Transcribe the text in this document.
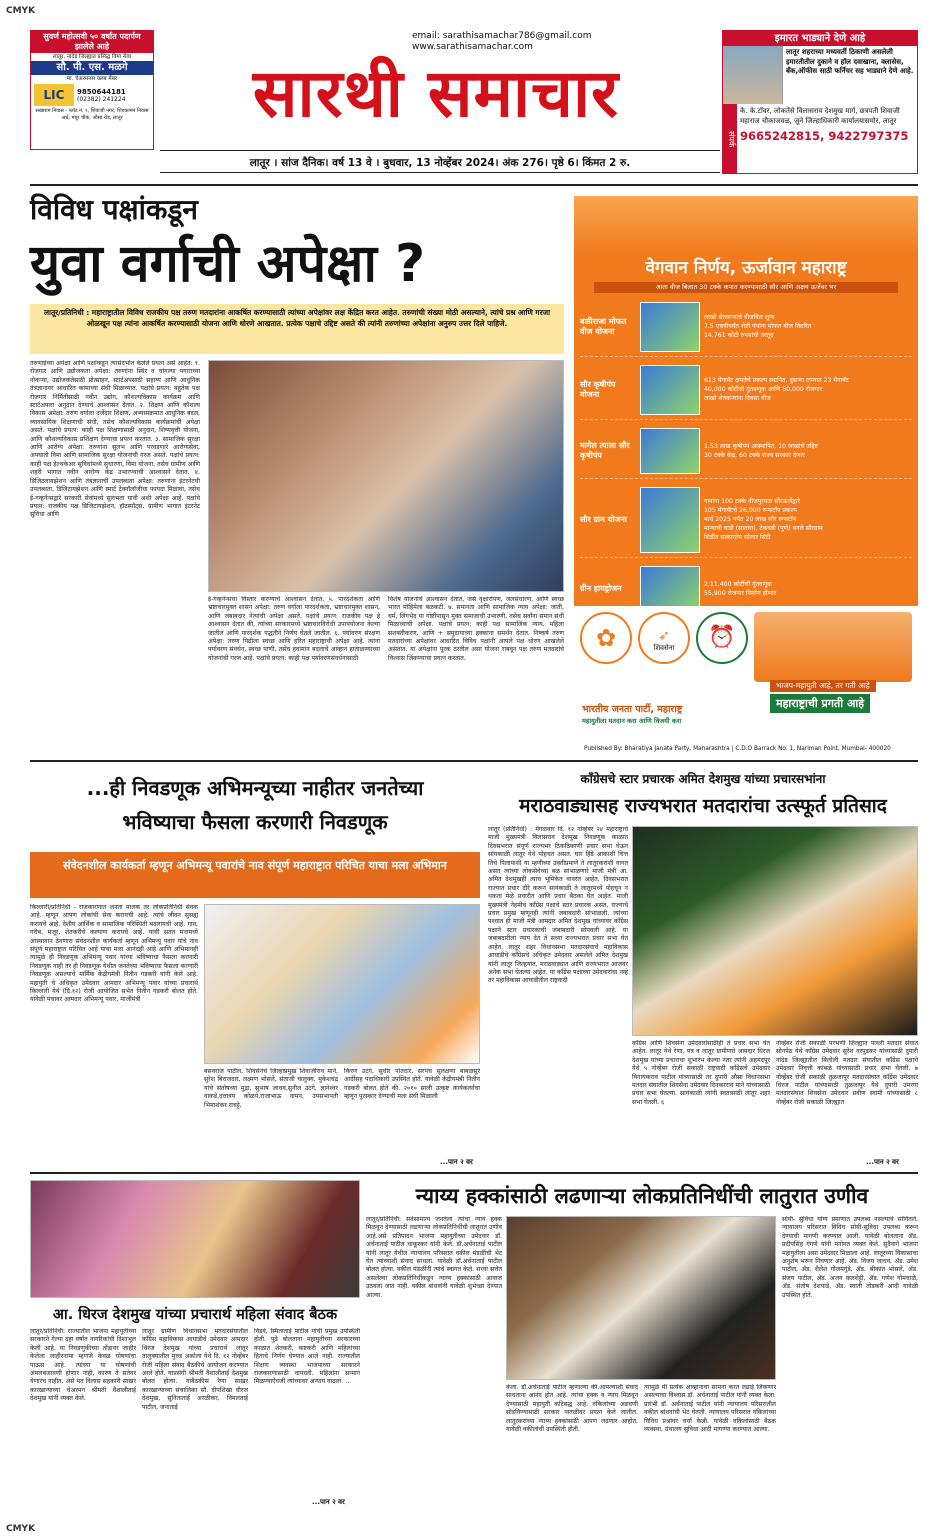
CMYK
CMYK
सुवर्ण महोत्सवी ५० वर्षात पदार्पण झालेले आहे
लातूर, नांदेड जिल्ह्यात प्रसिद्ध विमा सेवा
सौ. पी. एस. मळगे
मा. चेअरमनस क्लब मेंबर
LIC	9850644181
(02382) 241224
सखाराम निवास - प्लॉट नं. ९, शिवाजी नगर, शिवकामन निवास अर्ध, मयूर चौक, औसा रोड, लातूर
email: sarathisamachar786@gmail.com
www.sarathisamachar.com
सारथी समाचार
लातूर । सांज दैनिक। वर्ष 13 वे । बुधवार, 13 नोव्हेंबर 2024। अंक 276। पृष्ठे 6। किंमत 2 रु.
इमारत भाड्याने देणे आहे
लातूर शहराच्या मध्यवर्ती ठिकाणी असलेली इमारतीतील दुकाने व हॉल दवाखाना, क्लासेस, बँक,ऑफीस साठी फर्निचर सह भाड्याने देणे आहे.
संपर्क
के. के.टॉवर, लोकतेंसे विलासराव देशमुख मार्ग, छत्रपती शिवाजी महाराज चौकाजवळ, जुने जिल्हाधिकारी कार्यालयासमोर, लातूर
9665242815, 9422797375
विविध पक्षांकडून
युवा वर्गाची अपेक्षा ?
लातूर/प्रतिनिधी : महाराष्ट्रातील विविध राजकीय पक्ष तरुण मतदारांना आकर्षित करण्यासाठी त्यांच्या अपेक्षांवर लक्ष केंद्रित करत आहेत. तरुणांची संख्या मोठी असल्याने, त्यांचे प्रश्न आणि गरजा ओळखून पक्ष त्यांना आकर्षित करण्यासाठी योजना आणि धोरणे आखतात. प्रत्येक पक्षाचे उद्दिष्ट असते की त्यांनी तरुणांच्या अपेक्षांना अनुरुप उत्तर दिले पाहिजे.
तरुणाईच्या अपेक्षा आणि पक्षांकडून त्यासंदर्भात केलेले प्रयत्न असे आहेत: १. रोजगार आणि उद्योजकता अपेक्षा: तरुणांना स्थिर व चांगल्या पगाराच्या नोकऱ्या, उद्योजकतेसाठी प्रोत्साहन, स्टार्टअपसाठी सहाय्य आणि आधुनिक तंत्रज्ञानावर आधारित कामाच्या संधी मिळाव्यात. पक्षांचे प्रयत्न: बहुतेक पक्ष रोजगार निर्मितीसाठी नवीन उद्योग, कौशल्यविकास कार्यक्रम आणि स्टार्टअपला अनुदान देण्याचे आश्वासन देतात. २. शिक्षण आणि कौशल्य विकास अपेक्षा: तरुण वर्गाला दर्जेदार शिक्षण, अभ्यासक्रमात आधुनिक बदल, व्यावसायिक शिक्षणाची संधी, तसेच कौशल्यविकास कार्यक्रमांची अपेक्षा असते. पक्षांचे प्रयत्न: काही पक्ष शिक्षणासाठी अनुदान, शिष्यवृत्ती योजना, आणि कौशल्यविकास प्रशिक्षण देण्याचा प्रयत्न करतात. ३. सामाजिक सुरक्षा आणि आरोग्य अपेक्षा: तरुणांना सुलभ आणि परवडणारे आरोग्यसेवा, अपघाती विमा आणि सामाजिक सुरक्षा योजनांची गरज असते. पक्षांचे प्रयत्न: काही पक्ष हेल्थकेअर सुविधांमध्ये सुधारणा, विमा योजना, तसेच ग्रामीण आणि शहरी भागात नवीन आरोग्य केंद्र उभारण्याची आश्वासने देतात. ४. डिजिटलायझेशन आणि तंत्रज्ञानाची उपलब्धता अपेक्षा: तरुणांना इंटरनेटची उपलब्धता, डिजिटायझेशन आणि स्मार्ट टेक्नॉलॉजीचा फायदा मिळावा, तसेच ई-गव्हर्नन्सद्वारे सरकारी सेवांमध्ये सुलभता यावी अशी अपेक्षा आहे. पक्षांचे प्रयत्न: राजकीय पक्ष डिजिटायझेशन, हॉटस्पॉट्स, ग्रामीण भागात इंटरनेट सुविधा आणि
ई-गव्हर्नन्सचा विस्तार करण्याचे आश्वासन देतात. ५. पारदर्शकता आणि भ्रष्टाचारमुक्त शासन अपेक्षा: तरुण वर्गाला पारदर्शकता, भ्रष्टाचारमुक्त शासन, आणि जबाबदार नेत्यांची अपेक्षा असते. पक्षांचे प्रयत्न: राजकीय पक्ष हे आश्वासन देतात की, त्यांच्या सरकारमध्ये भ्रष्टाचारविरोधी उपाययोजना केल्या जातील आणि पारदर्शक पद्धतीने निर्णय घेतले जातील. ६. पर्यावरण संरक्षण अपेक्षा: तरुण पिढीला स्वच्छ आणि हरित महाराष्ट्राची अपेक्षा आहे. त्यांना पर्यावरण संवर्धन, स्वच्छ पाणी, तसेच हवामान बदलाचे आव्हान हाताळण्याच्या योजनांची गरज आहे. पक्षांचे प्रयत्न: काही पक्ष पर्यावरणसंवर्धनासाठी
विशेष योजनांचे आश्वासन देतात, जसे वृक्षारोपण, जलसंधारण, आणि स्वच्छ भारत मोहिमेला बळकटी. ७. समानता आणि सामाजिक न्याय अपेक्षा: जाती, धर्म, लिंगभेद या गोष्टींपासून मुक्त समाजाची उभारणी, तसेच सर्वांना समान संधी मिळाव्याची अपेक्षा. पक्षांचे प्रयत्न: काही पक्ष सामाजिक न्याय, महिला सशक्तीकरण, आणि + समुदायाच्या हक्कांना समर्थन देतात. निष्कर्ष तरुण मतदारांच्या अपेक्षांवर आधारित विविध पक्षांनी आपले पक्ष धोरण आखलेले असतात. या अपेक्षांना पूरक ठरतील असा योजना राबवून पक्ष तरुण मतदारांचे विश्वास जिंकण्याचा प्रयत्न करतात.
वेगवान निर्णय, ऊर्जावान महाराष्ट्र
आता वीज बिलात 30 टक्के कपात करण्यासाठी सौर आणि अक्षय ऊर्जेवर भर
बळीराजा मोफत वीज योजना
लाखो शेतकऱ्यांचे वीजबिल शून्य
7.5 एचपीपर्यंत शेती पंपांना मोफत वीज वितरित
14,761 कोटी रुपयांची तरतूद
सौर कृषीपंप योजना
613 मेगावॅट क्षमतेचे प्रकल्प स्थापित, दुसऱ्या टप्प्यात 23 मेगावॅट
40,000 कोटींची गुंतवणूक आणि 50,000 रोजगार
लाखो शेतकऱ्यांना दिवसा वीज
मागेल त्याला सौर कृषीपंप
1.53 लाख कृषीपंप आस्थापित, 10 लाखांचे उद्दिष्ट
30 टक्के केंद्र, 60 टक्के राज्य सरकार देणार
सौर ग्राम योजना
गावांना 100 टक्के वीजपुरवठा सौरऊर्जेद्वारे
105 मेगावॅटचे 26,000 रूफटॉप प्रकल्प
मार्च 2025 पर्यंत 20 लाख सौर रूफटॉप
मान्याची वाडी (सातारा), टेकवडी (पुणे) बनले सौरग्राम
शिर्डीत साकारतेय सोलार सिटी
ग्रीन हायड्रोजन	2,11,400 कोटींची गुंतवणूक
55,900 रोजगार निर्माण होणार
✿	➶
शिवसेना	⏰
भाजप-महायुती आहे, तर गती आहे
महाराष्ट्राची प्रगती आहे
भारतीय जनता पार्टी, महाराष्ट्र
महायुतीला मतदान करा आणि विजयी करा
Published By: Bharatiya Janata Party, Maharashtra | C.D.O Barrack No. 1, Nariman Point, Mumbai- 400020
...ही निवडणूक अभिमन्यूच्या नाहीतर जनतेच्या
भविष्याचा फैसला करणारी निवडणूक
संवेदनशील कार्यकर्ता म्हणून अभिमन्यू पवारांचे नाव संपूर्ण महाराष्ट्रात परिचित याचा मला अभिमान
किल्लारी/प्रतिनिधी - राजकारणात जनता मालक तर लोकप्रतिनिधी सेवक आहे. म्हणून आपण लोकांची सेवा करायची आहे. त्यांचे जीवन सुसह्य करायचे आहे. देशीय आर्थिक व सामाजिक परिस्थिती बदलायची आहे. गाव, गरीब, मजूर, शेतकरीचे कल्याण करायचे आहे. याची सतत मनामध्ये आस्थावान ठेवणारा संवेदनशील कार्यकर्ता म्हणून अभिमन्यू पवार यांचे नाव संपूर्ण महाराष्ट्रात परिचित आहे याचा मला आनंदही आहे आणि अभिमानही त्यामुळे ही निवडणूक अभिमन्यू पवार यांच्या भविष्याचा फैसला करणारी निवडणूक नाही तर ही निवडणूक येथील जनतेच्या भविष्याचा फैसला करणारी निवडणूक असल्याचे मार्मिक केंद्रीयमंत्री नितीन गडकरी यांनी केले आहे. महायुती चे अधिकृत उमेदवार आमदार अभिमन्यू पवार यांच्या प्रचारार्थ किल्लारी येथे (दि.१२) रोजी आयोजित सभेत नितीन गडकरी बोलत होते. यावेळी मंचावर आमदार अभिमन्यू पवार, माजीमंत्री
बसवराज पाटील, शिवसेनेचे जिल्हाप्रमुख शिवाजीराव माने, सुरेश बिराजदार, लक्ष्मण भोसले, संताजी चालुक्य, मुकेशचंद्र यांचे संतोषच्या मुद्रा, सुभाष जाधव,सुनील उटगे, ज्ञानेश्वर वाकडे,दत्तात्रय कोळपे,राजाभाऊ वामन, उपसभापती भिमाशंकर राचट्टे,
किरण उटगे, सुधीर पोतदार, सरपंच सुलक्षणा बाबळसुरे आदींसह पदाधिकारी उपस्थित होते. यावेळी केंद्रीयमंत्री नितीन गडकरी बोलत होते की. २०१० साली उत्कृष्ट कार्यकर्त्याचा म्हणून पुरस्कार देण्याची मला संधी मिळाली
...पान २ वर
काँग्रेसचे स्टार प्रचारक अमित देशमुख यांच्या प्रचारसभांना
मराठवाड्यासह राज्यभरात मतदारांचा उत्स्फूर्त प्रतिसाद
लातूर (प्रतिनिधी) : मंगळवार दि. १२ नोव्हेंबर २४ महाराष्ट्राचे माजी मुख्यमंत्री विलासराव देशमुख निवडणूक काळात दिवसभरात संपूर्ण राज्यभर ठिकठिकाणी प्रचार सभा घेऊन सांयकाळी लातूर येथे पोहचत असत. घार हिंडे आकाशी चित्त तिचे पिलापाशी या म्हणीच्या उक्तीप्रमाणे ते लातूरकरांशी वागत असत त्यांच्या लोकसेवेच्या बळ सांभाळणारे माजी मंत्री आ. अमित देशमुखही त्याच भूमिकेत वावरत आहेत. दिवसभरात राज्यात प्रचार दौरे करून सायंकाळी ते लातूरमध्ये पोहचून न थकता मेळे प्रचारीत आणि प्रचार बैठका घेत आहेत. माजी मुख्यमंत्री नेहमीच कॉंग्रेस पक्षाचे स्टार प्रचारक असत, राज्याचे प्रचार प्रमुख म्हणूनही त्यांनी जबाबदारी सांभाळली. त्यांच्या पश्चात ही माजी मंत्री आमदार अमित देशमुख यांच्यावर कॉंग्रेस पक्षाने स्टार प्रचारकाची जबाबदारी सोपवली आहे. या जबाबदारीला न्याय देत ते सध्या राज्यभरात प्रचार सभा घेत आहेत. लातूर शहर विधानसभा मतदारसंघाचे महाविकास आघाडीचे कॉंग्रेसचे अधिकृत उमेदवार असलेले अमित देशमुख यांनी लातूर जिल्हयात, मराठवाड्यात आणि राज्यभरात आजवर अनेक सभा घेतल्या आहेत. या कॉंग्रेस पक्षाच्या उमेदवारांचा नव्हे तर महाविकास आघाडीतील राष्ट्रवादी
कॉंग्रेस आणि शिवसेना उमेदवारांसाठीही ते प्रचार सभा घेत आहेत. लातूर येथे रेणा, पत्र व लातूर ग्रामीणचे आमदार धिरज देशमुख यांच्या प्रचाराचा शुभारंभ केल्या नंतर त्यांनी अहमदपूर येथे ५ नोव्हेंबर रोजी सकाळी राष्ट्रवादी कॉंग्रेसचे उमेदवार विनायकराव पाटील यांच्यासाठी तर दुपारी औसा विधानसभा मतदार संघातील शिवसेना उमेदवार दिनकरराव माने यांच्यासाठी प्रचार सभा घेतल्या. सायंकाळी त्यांनी स्वतासाठी लातूर शहर सभा घेतली. ६
नोव्हेंबर रोजी सकाळी परभणी जिल्ह्यात पाथरी मतदार संघात सोनपेठ येथे कॉंग्रेस उमेदवार सुरेश वरपुडकर यांच्यासाठी दुपारी नांदेड जिल्ह्यातील बिलोली मतदार संघातील कॉंग्रेस पक्षाचे उमेदवार निवृत्ती कांबळे यांच्यासाठी प्रचार सभा घेतली. ७ नोव्हेंबर रोजी सकाळी तुळजापूर मतदारसंघात कॉंग्रेस उमेदवार धिरज पाटील यांच्यासाठी तुळजापूर येथे दुपारी उमरगा मतदारसंघात शिवसेना उमेदवार प्रवीण स्वामी यांच्यासाठी ८ नोव्हेंबर रोजी सकाळी जिल्ह्यात
...पान २ वर
आ. धिरज देशमुख यांच्या प्रचारार्थ महिला संवाद बैठक
लातूर/प्रतिनिधी: राज्यातील भाजपा महायुतीच्या सरकारने गेल्या दहा वर्षात नागरिकांची दिशाभूल केली आहे. या निवडणुकीच्या तोंडावर जाहीर केलेला जाहीरनामा म्हणजे केवळ घोषणांचा पाऊस आहे. त्यांच्या या घोषणांची अंमलबजावणी होणार नाही, कारण ते सतेवर येणारच नाहीत, असे मत विलास सहकारी साखर कारखान्याच्या चेअरमन श्रीमती वैशालीताई देशमुख यांनी व्यक्त केले.
लातूर ग्रामीण विधानसभा मतदारसंघातील काँग्रेस महाविकास आघाडीचे उमेदवार आमदार धिरज देशमुख यांच्या प्रचारार्थ लातूर तालुक्यातील मुरुड अकोला येथे दि. १२ नोव्हेंबर रोजी महिला संवाद बैठकीचे आयोजन करण्यात आले होते. याप्रसंगी श्रीमती वैशालीताई देशमुख बोलत होत्या. याबैठकीस रेणा साखर कारखान्याच्या संचालिका सौ. दीपशिखा धीरज देशमुख, सुनिताताई अरळीकर, विमलताई पाटील, जनाताई
विडवे, स्मिताताई पाटील यांची प्रमुख उपस्थिती होती. पुढे बोलताना महायुतीच्या सरकारच्या काळात शेतकरी, कष्टकरी आणि महिलांच्या हिताचे निर्णय घेण्यात आले नाही. राज्यातील शिक्षण व्यवस्था भाजपाच्या सरकारने राजकारणासाठी वापरली. महिलांना सन्मान मिळण्याऐवजी त्यांच्यावर अन्याय वाढला. ...
...पान २ वर
न्याय्य हक्कांसाठी लढणाऱ्या लोकप्रतिनिधींची लातुरात उणीव
लातूर/प्रतिनिधी: सर्वसामान्य जनतेला त्यांचा न्याय हक्क मिळवून देण्यासाठी लढणाऱ्या लोकप्रतिनिधींची लातूरात उणीव आहे.असे प्रतिपादन भाजपा महायुतीच्या उमेदवार डॉ. अर्चनाताई पाटील चाकूरकर यांनी केले. डॉ.अर्चनाताई पाटील यांनी लातूर येथील न्यायालय परिसरात वकील मंडळींची भेट घेत त्यांच्याशी संवाद साधला. यावेळी डॉ.अर्चनाताई पाटील बोलत होत्या. वकील मंडळींनी त्यांचे स्वागत केले. सध्या सत्तेत असलेल्या लोकप्रतिनिधींकडून न्याय्य हक्कांसाठी आवाज उठवला जात नाही. वकील बांधवांनी यावेळी शुभेच्छा देण्यात आल्या.
केला. डॉ.अर्चनाताई पाटील म्हणाल्या की,आपल्याशी संवाद साधताना आनंद होत आहे. त्यांचा हक्क व न्याय मिळवून देण्यासाठी महायुती कटिबद्ध आहे. वकिलांच्या अडचणी सोडविण्यासाठी सरकार पातळीवर प्रयत्न केले जातील. लातूरकरांच्या न्याय्य हक्कांसाठी आपण लढणार आहोत. यावेळी वकीलांची उपस्थिती होती.
त्यामुळे मी प्रत्येक आव्हानाचा सामना करत लढाई जिंकणार असल्याचा विश्वास डॉ. अर्चनाताई पाटील यांनी व्यक्त केला. प्रारंभी डॉ. अर्चनाताई पाटील यांनी न्यायालय परिसरातील वकील बांधवांची भेट घेतली. न्यायालय परिसरात वकिलांच्या विविध प्रश्नांवर चर्चा केली. यावेळी वकिलांसाठी बैठक व्यवस्था, ग्रंथालय सुविधा आदी मागण्या करण्यात आल्या.
सोयी- सुविधा योग्य प्रमाणात उपलब्ध नसल्याचे सांगितले. न्यायालय परिसरात विविध सोयी-सुविधा उपलब्ध करून देण्याची मागणी करण्यात आली. यावेळी बोलताना ॲड. प्रदीपसिंह गंगणे यांनी मनोगत व्यक्त केले. सुदैवाने भाजपा महायुतीला असा उमेदवार मिळाला आहे. लातूरच्या विकासाचा अनुशेष भरून निघणार आहे. ॲड. विजय जाधव, ॲड. उमेश पाटील, ॲड. शैलेश गोजमगुंडे, ॲड. श्रीकांत भोसले, ॲड. संजय पाटील, ॲड. अजय कलशेट्टी, ॲड. गणेश गोमचाळे, ॲड. संतोष देशपांडे, ॲड. स्वाती तोडकरी आदी यावेळी उपस्थित होते.
